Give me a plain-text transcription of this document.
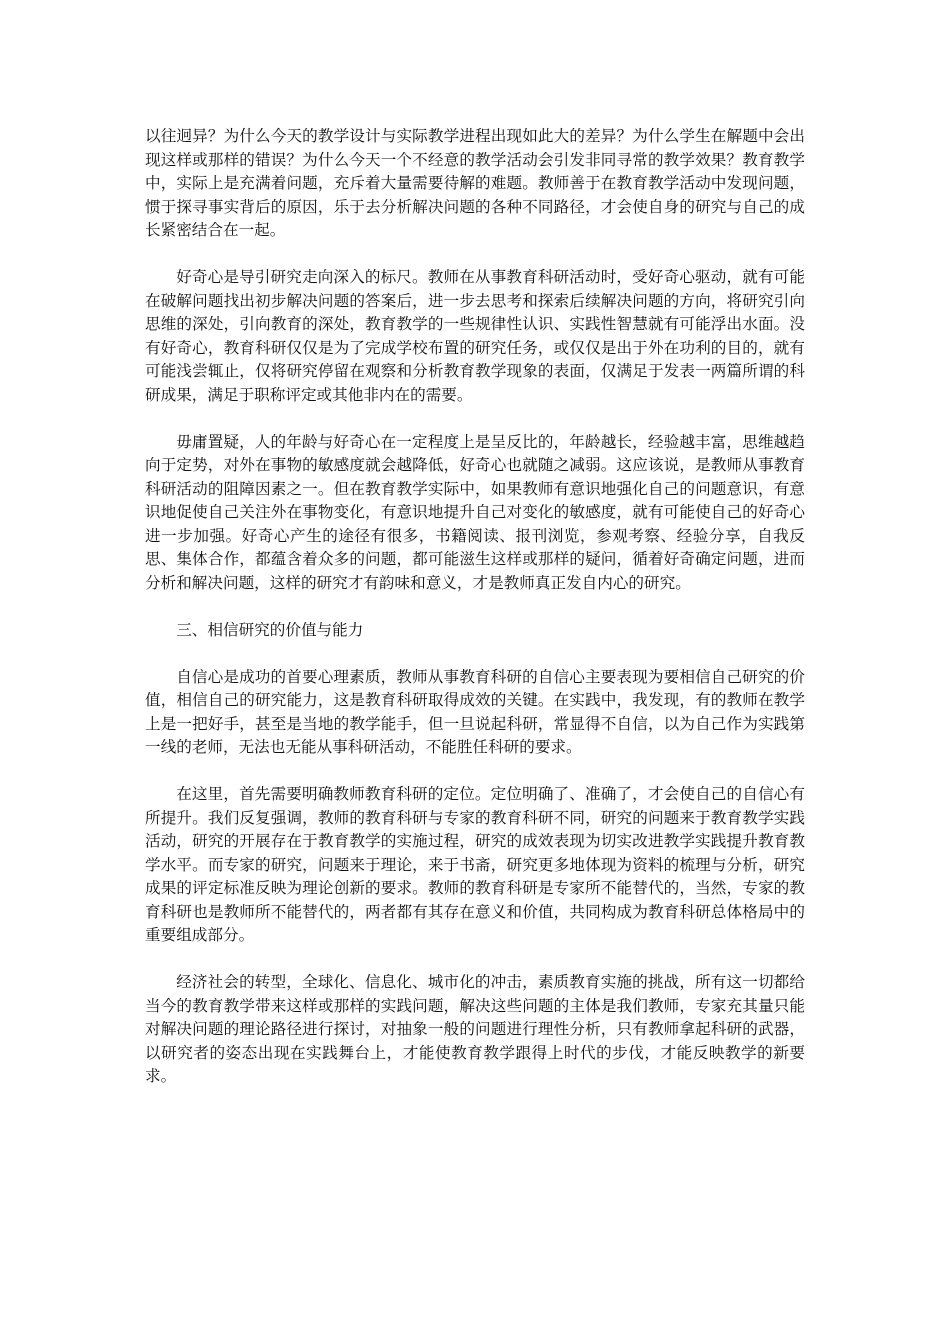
以往迥异？为什么今天的教学设计与实际教学进程出现如此大的差异？为什么学生在解题中会出现这样或那样的错误？为什么今天一个不经意的教学活动会引发非同寻常的教学效果？教育教学中，实际上是充满着问题，充斥着大量需要待解的难题。教师善于在教育教学活动中发现问题，惯于探寻事实背后的原因，乐于去分析解决问题的各种不同路径，才会使自身的研究与自己的成长紧密结合在一起。

好奇心是导引研究走向深入的标尺。教师在从事教育科研活动时，受好奇心驱动，就有可能在破解问题找出初步解决问题的答案后，进一步去思考和探索后续解决问题的方向，将研究引向思维的深处，引向教育的深处，教育教学的一些规律性认识、实践性智慧就有可能浮出水面。没有好奇心，教育科研仅仅是为了完成学校布置的研究任务，或仅仅是出于外在功利的目的，就有可能浅尝辄止，仅将研究停留在观察和分析教育教学现象的表面，仅满足于发表一两篇所谓的科研成果，满足于职称评定或其他非内在的需要。

毋庸置疑，人的年龄与好奇心在一定程度上是呈反比的，年龄越长，经验越丰富，思维越趋向于定势，对外在事物的敏感度就会越降低，好奇心也就随之减弱。这应该说，是教师从事教育科研活动的阻障因素之一。但在教育教学实际中，如果教师有意识地强化自己的问题意识，有意识地促使自己关注外在事物变化，有意识地提升自己对变化的敏感度，就有可能使自己的好奇心进一步加强。好奇心产生的途径有很多，书籍阅读、报刊浏览，参观考察、经验分享，自我反思、集体合作，都蕴含着众多的问题，都可能滋生这样或那样的疑问，循着好奇确定问题，进而分析和解决问题，这样的研究才有韵味和意义，才是教师真正发自内心的研究。

三、相信研究的价值与能力

自信心是成功的首要心理素质，教师从事教育科研的自信心主要表现为要相信自己研究的价值，相信自己的研究能力，这是教育科研取得成效的关键。在实践中，我发现，有的教师在教学上是一把好手，甚至是当地的教学能手，但一旦说起科研，常显得不自信，以为自己作为实践第一线的老师，无法也无能从事科研活动，不能胜任科研的要求。

在这里，首先需要明确教师教育科研的定位。定位明确了、准确了，才会使自己的自信心有所提升。我们反复强调，教师的教育科研与专家的教育科研不同，研究的问题来于教育教学实践活动，研究的开展存在于教育教学的实施过程，研究的成效表现为切实改进教学实践提升教育教学水平。而专家的研究，问题来于理论，来于书斋，研究更多地体现为资料的梳理与分析，研究成果的评定标准反映为理论创新的要求。教师的教育科研是专家所不能替代的，当然，专家的教育科研也是教师所不能替代的，两者都有其存在意义和价值，共同构成为教育科研总体格局中的重要组成部分。

经济社会的转型，全球化、信息化、城市化的冲击，素质教育实施的挑战，所有这一切都给当今的教育教学带来这样或那样的实践问题，解决这些问题的主体是我们教师，专家充其量只能对解决问题的理论路径进行探讨，对抽象一般的问题进行理性分析，只有教师拿起科研的武器，以研究者的姿态出现在实践舞台上，才能使教育教学跟得上时代的步伐，才能反映教学的新要求。
